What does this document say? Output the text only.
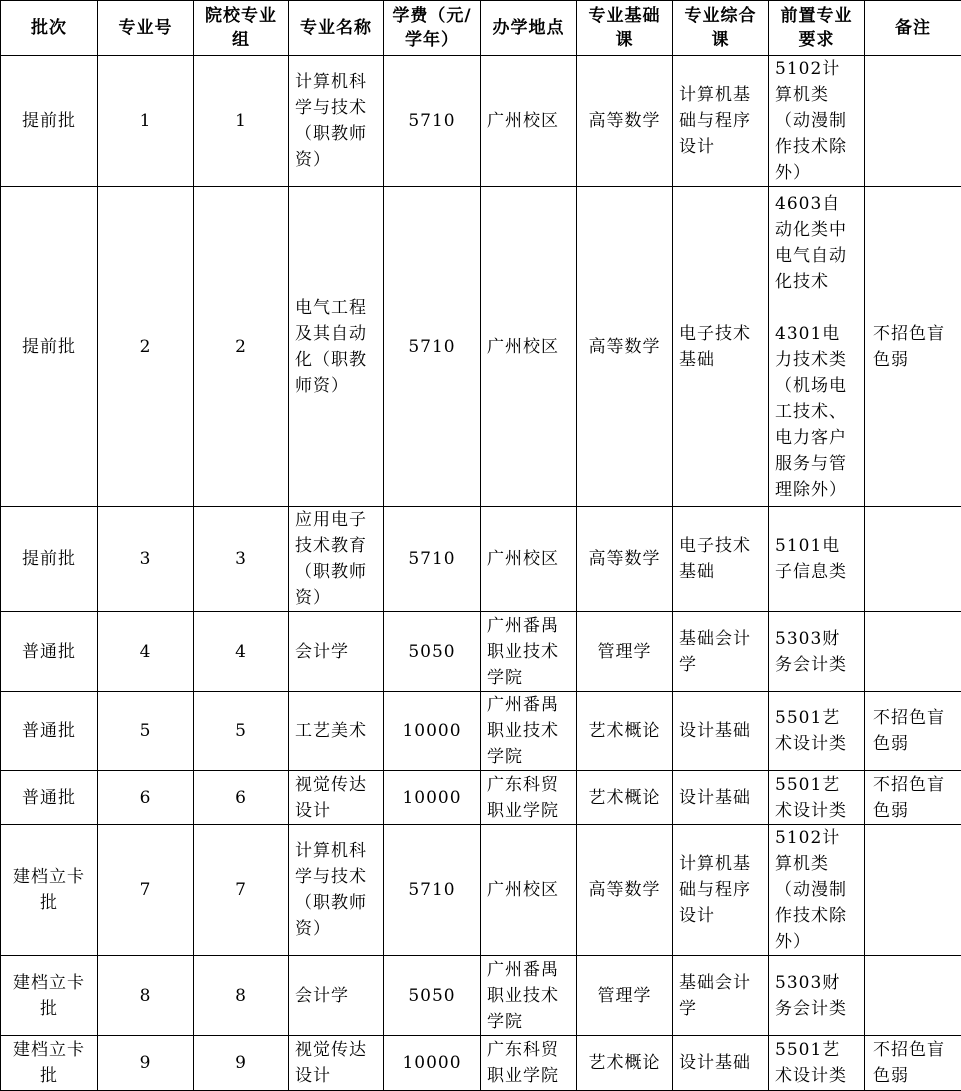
批次	专业号	院校专业组	专业名称	学费（元/学年）	办学地点	专业基础课	专业综合课	前置专业要求	备注
提前批	1	1	计算机科学与技术（职教师资）	5710	广州校区	高等数学	计算机基础与程序设计	5102计算机类（动漫制作技术除外）	

提前批	2	2	电气工程及其自动化（职教师资）	5710	广州校区	高等数学	电子技术基础	4603自动化类中电气自动化技术
4301电力技术类（机场电工技术、电力客户服务与管理除外）	不招色盲色弱
提前批	3	3	应用电子技术教育（职教师资）	5710	广州校区	高等数学	电子技术基础	5101电子信息类	

普通批	4	4	会计学	5050	广州番禺职业技术学院	管理学	基础会计学	5303财务会计类	

普通批	5	5	工艺美术	10000	广州番禺职业技术学院	艺术概论	设计基础	5501艺术设计类	不招色盲色弱
普通批	6	6	视觉传达设计	10000	广东科贸职业学院	艺术概论	设计基础	5501艺术设计类	不招色盲色弱
建档立卡批	7	7	计算机科学与技术（职教师资）	5710	广州校区	高等数学	计算机基础与程序设计	5102计算机类（动漫制作技术除外）	

建档立卡批	8	8	会计学	5050	广州番禺职业技术学院	管理学	基础会计学	5303财务会计类	

建档立卡批	9	9	视觉传达设计	10000	广东科贸职业学院	艺术概论	设计基础	5501艺术设计类	不招色盲色弱
